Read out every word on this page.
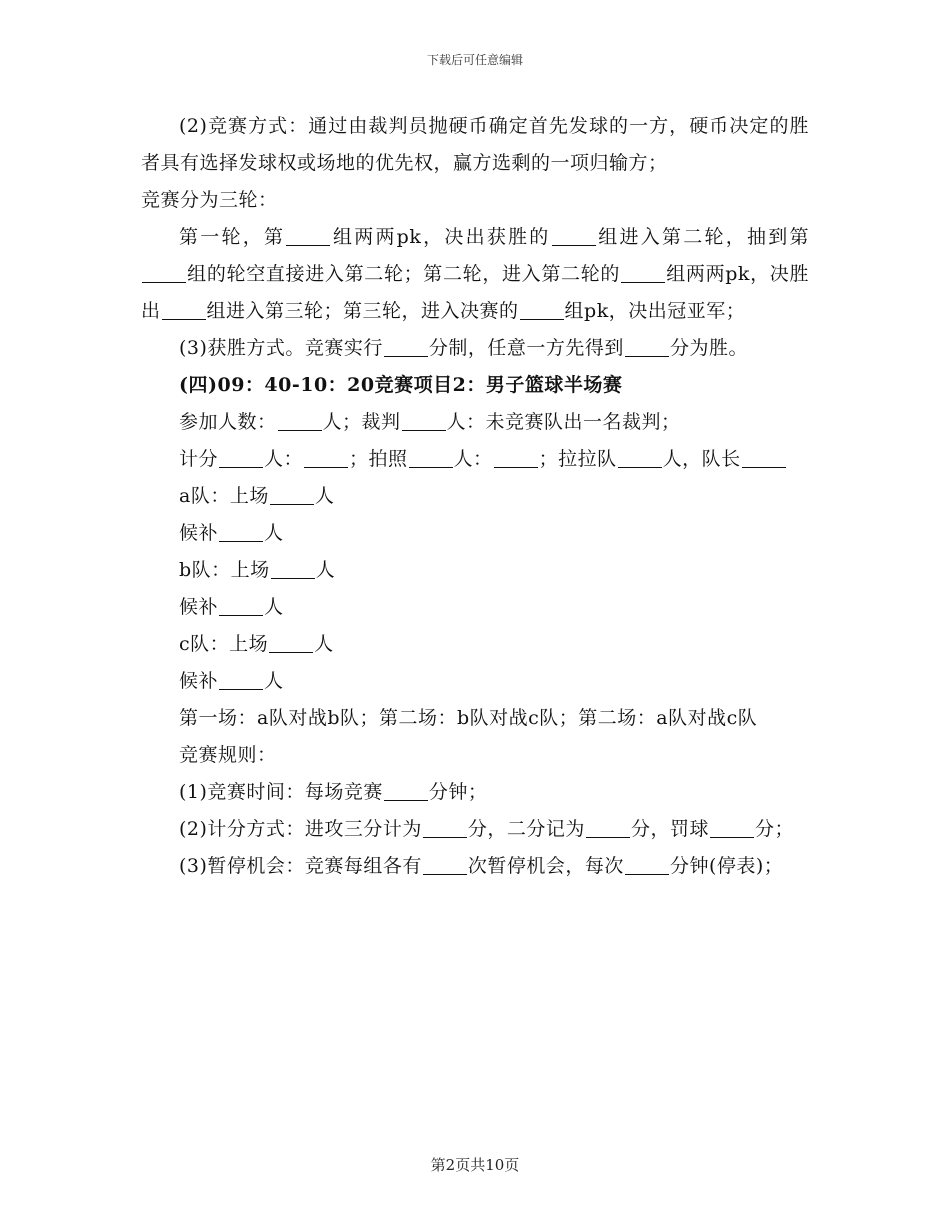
下载后可任意编辑

(2)竞赛方式：通过由裁判员抛硬币确定首先发球的一方，硬币决定的胜者具有选择发球权或场地的优先权，赢方选剩的一项归输方；

竞赛分为三轮：

第一轮，第 组两两pk，决出获胜的 组进入第二轮，抽到第组的轮空直接进入第二轮；第二轮，进入第二轮的 组两两pk，决胜出 组进入第三轮；第三轮，进入决赛的 组pk，决出冠亚军；

(3)获胜方式。竞赛实行 分制，任意一方先得到 分为胜。

(四)09：40-10：20竞赛项目2：男子篮球半场赛

参加人数： 人；裁判 人：未竞赛队出一名裁判；

计分 人： ；拍照 人： ；拉拉队 人，队长

a队：上场 人

候补 人

b队：上场 人

候补 人

c队：上场 人

候补 人

第一场：a队对战b队；第二场：b队对战c队；第二场：a队对战c队

竞赛规则：

(1)竞赛时间：每场竞赛 分钟；

(2)计分方式：进攻三分计为 分，二分记为 分，罚球 分；

(3)暂停机会：竞赛每组各有 次暂停机会，每次 分钟(停表)；

第2页共10页
